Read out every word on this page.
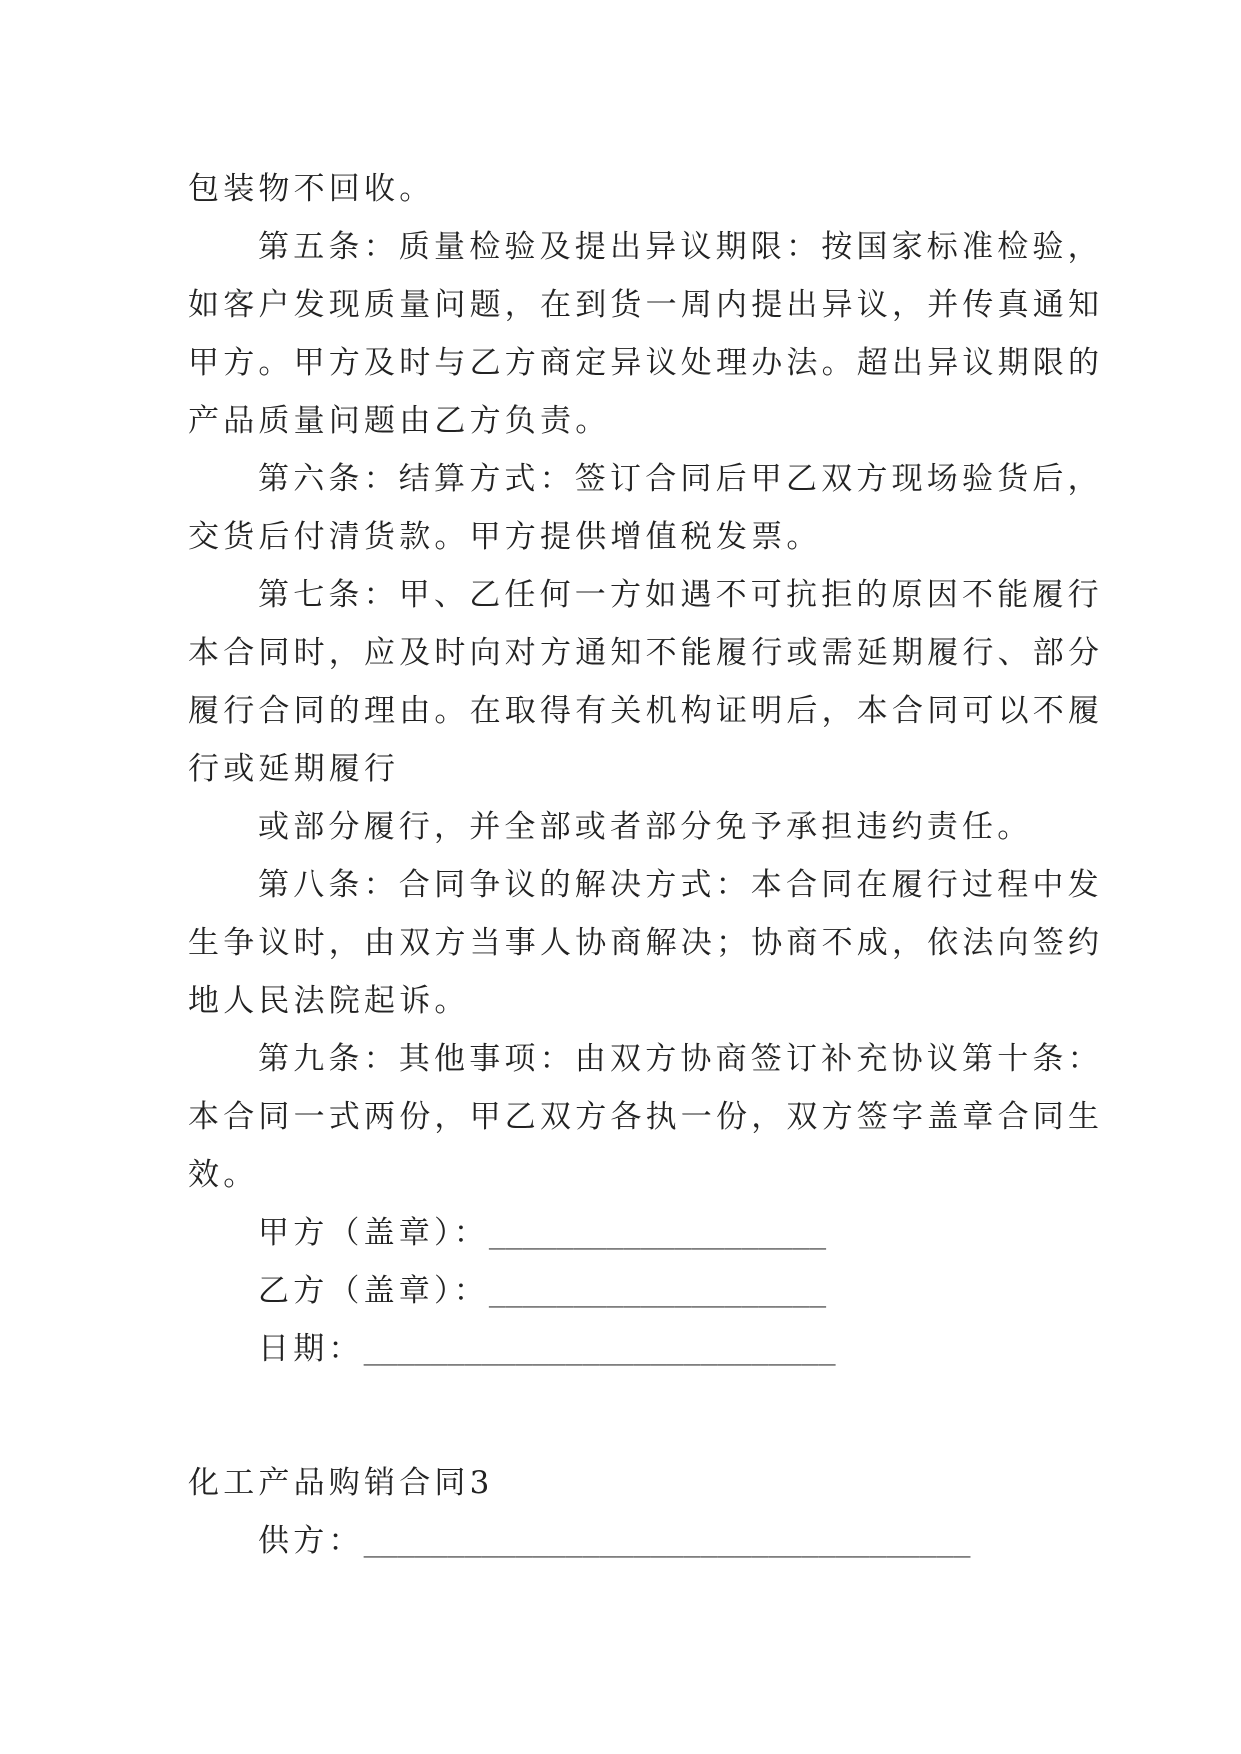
包装物不回收。
第五条：质量检验及提出异议期限：按国家标准检验，
如客户发现质量问题，在到货一周内提出异议，并传真通知
甲方。甲方及时与乙方商定异议处理办法。超出异议期限的
产品质量问题由乙方负责。
第六条：结算方式：签订合同后甲乙双方现场验货后，
交货后付清货款。甲方提供增值税发票。
第七条：甲、乙任何一方如遇不可抗拒的原因不能履行
本合同时，应及时向对方通知不能履行或需延期履行、部分
履行合同的理由。在取得有关机构证明后，本合同可以不履
行或延期履行
或部分履行，并全部或者部分免予承担违约责任。
第八条：合同争议的解决方式：本合同在履行过程中发
生争议时，由双方当事人协商解决；协商不成，依法向签约
地人民法院起诉。
第九条：其他事项：由双方协商签订补充协议第十条：
本合同一式两份，甲乙双方各执一份，双方签字盖章合同生
效。
甲方（盖章）：____________________
乙方（盖章）：____________________
日期：____________________________
化工产品购销合同3
供方：____________________________________
